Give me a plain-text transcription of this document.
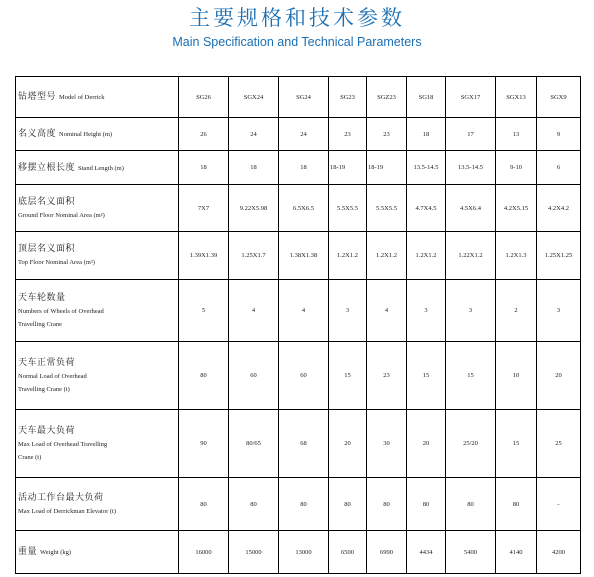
主要规格和技术参数
Main Specification and Technical Parameters
钻塔型号 Model of Derrick	SG26	SGX24	SG24	SG23	SGZ23	SG18	SGX17	SGX13	SGX9
名义高度 Nominal Height (m)	26	24	24	23	23	18	17	13	9
移摆立根长度 Stand Length (m)	18	18	18	18-19	18-19	13.5-14.5	13.5-14.5	9-10	6
底层名义面积
Ground Floor Nominal Area (m²)	7X7	9.22X5.98	6.5X6.5	5.5X5.5	5.5X5.5	4.7X4.5	4.5X6.4	4.2X5.15	4.2X4.2
顶层名义面积
Top Floor Nominal Area (m²)	1.39X1.39	1.25X1.7	1.38X1.38	1.2X1.2	1.2X1.2	1.2X1.2	1.22X1.2	1.2X1.3	1.25X1.25
天车轮数量
Numbers of Wheels of Overhead
Travelling Crane	5	4	4	3	4	3	3	2	3
天车正常负荷
Normal Load of Overhead
Travelling Crane (t)	80	60	60	15	23	15	15	10	20
天车最大负荷
Max Load of Overhead Travelling
Crane (t)	90	80/65	68	20	30	20	25/20	15	25
活动工作台最大负荷
Max Load of Derrickman Elevator (t)	80	80	80	80	80	80	80	80	-
重量 Weight (kg)	16000	15000	13000	6500	6990	4434	5400	4140	4200
